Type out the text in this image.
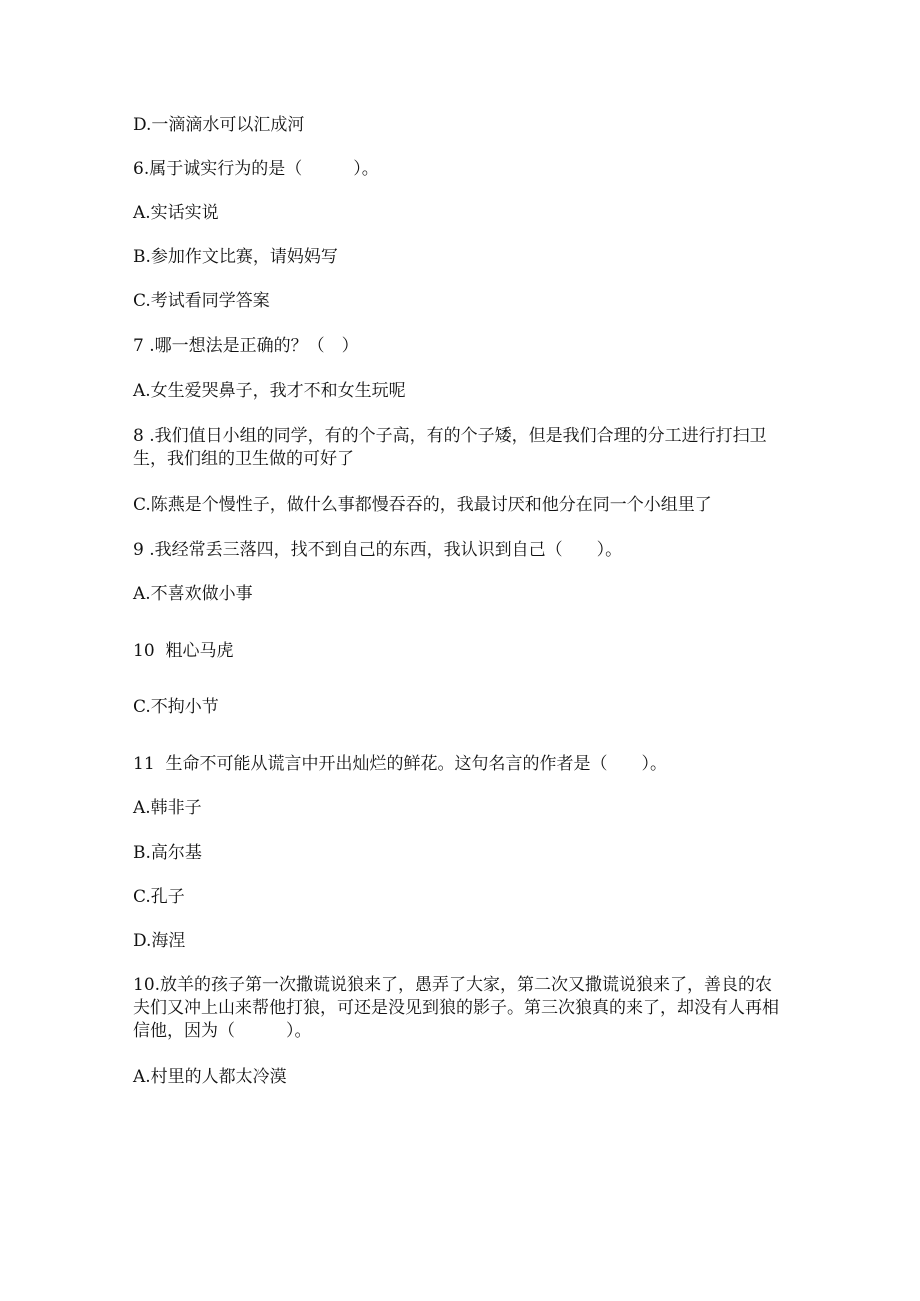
D.一滴滴水可以汇成河

6.属于诚实行为的是（　　　）。

A.实话实说

B.参加作文比赛，请妈妈写

C.考试看同学答案

7 .哪一想法是正确的？（　）

A.女生爱哭鼻子，我才不和女生玩呢

8 .我们值日小组的同学，有的个子高，有的个子矮，但是我们合理的分工进行打扫卫生，我们组的卫生做的可好了

C.陈燕是个慢性子，做什么事都慢吞吞的，我最讨厌和他分在同一个小组里了

9 .我经常丢三落四，找不到自己的东西，我认识到自己（　　）。

A.不喜欢做小事

10  粗心马虎

C.不拘小节

11  生命不可能从谎言中开出灿烂的鲜花。这句名言的作者是（　　）。

A.韩非子

B.高尔基

C.孔子

D.海涅

10.放羊的孩子第一次撒谎说狼来了，愚弄了大家，第二次又撒谎说狼来了，善良的农夫们又冲上山来帮他打狼，可还是没见到狼的影子。第三次狼真的来了，却没有人再相信他，因为（　　　）。

A.村里的人都太冷漠
